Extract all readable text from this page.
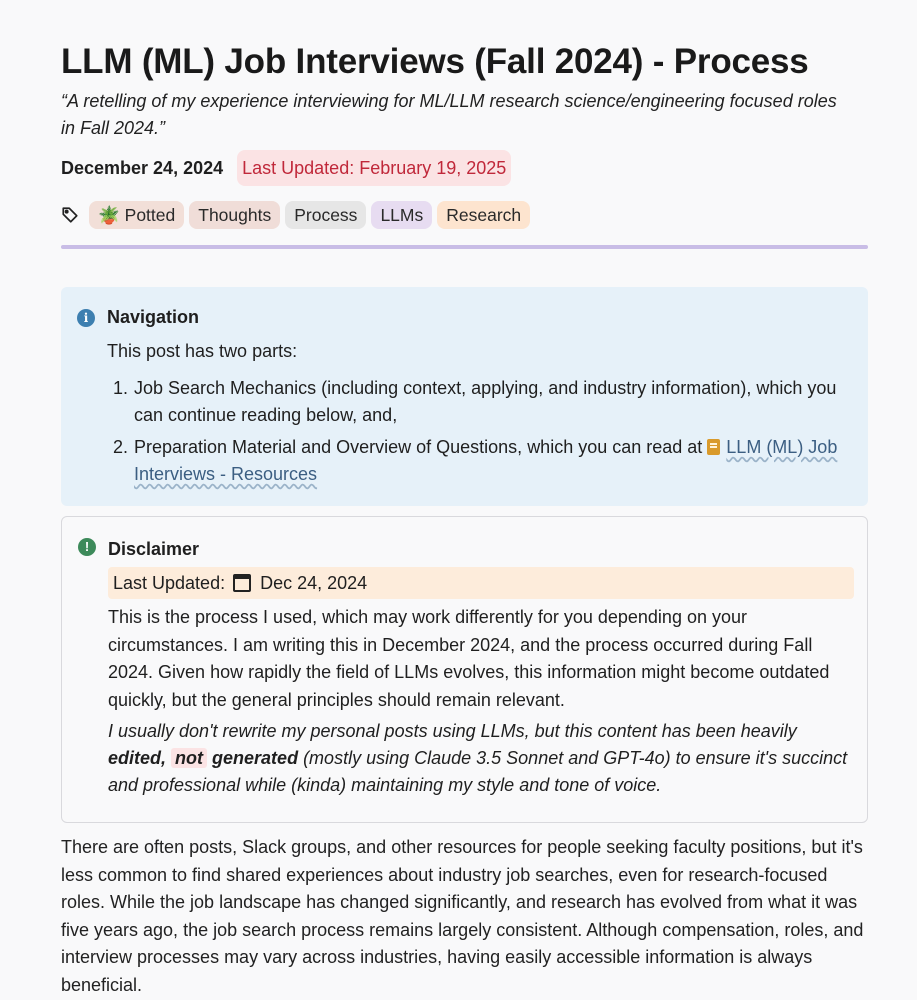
LLM (ML) Job Interviews (Fall 2024) - Process

“A retelling of my experience interviewing for ML/LLM research science/engineering focused roles in Fall 2024.”

December 24, 2024 Last Updated: February 19, 2025
🪴 Potted	Thoughts	Process	LLMs	Research
i	Navigation
This post has two parts:
1. Job Search Mechanics (including context, applying, and industry information), which you can continue reading below, and,
2. Preparation Material and Overview of Questions, which you can read at LLM (ML) Job Interviews - Resources
!	Disclaimer
Last Updated: Dec 24, 2024

This is the process I used, which may work differently for you depending on your circumstances. I am writing this in December 2024, and the process occurred during Fall 2024. Given how rapidly the field of LLMs evolves, this information might become outdated quickly, but the general principles should remain relevant.

I usually don't rewrite my personal posts using LLMs, but this content has been heavily edited, not generated (mostly using Claude 3.5 Sonnet and GPT-4o) to ensure it's succinct and professional while (kinda) maintaining my style and tone of voice.

There are often posts, Slack groups, and other resources for people seeking faculty positions, but it's less common to find shared experiences about industry job searches, even for research-focused roles. While the job landscape has changed significantly, and research has evolved from what it was five years ago, the job search process remains largely consistent. Although compensation, roles, and interview processes may vary across industries, having easily accessible information is always beneficial.
